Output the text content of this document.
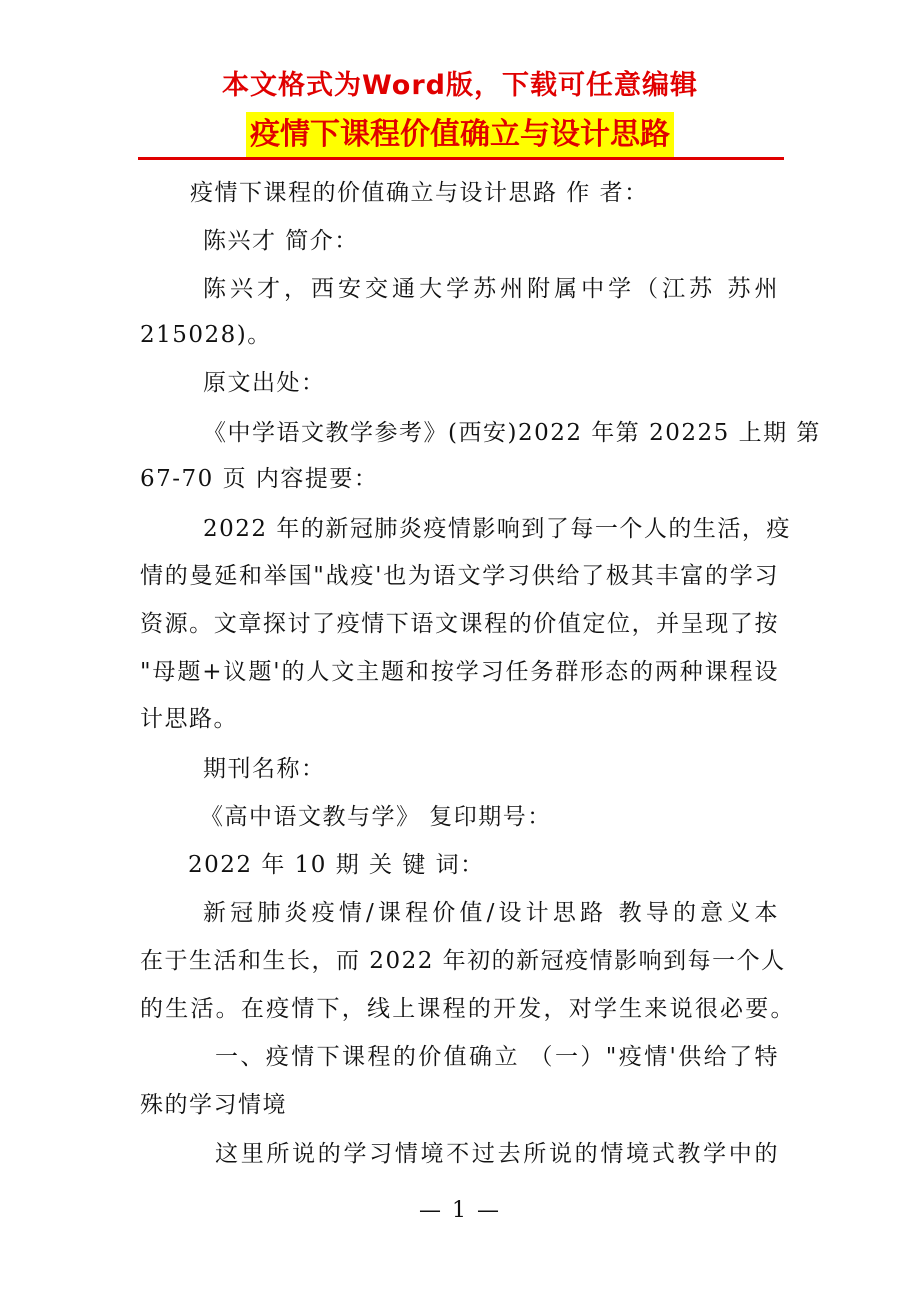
本文格式为Word版，下载可任意编辑
疫情下课程价值确立与设计思路
疫情下课程的价值确立与设计思路 作 者：
陈兴才 简介：
陈兴才，西安交通大学苏州附属中学（江苏 苏州
215028)。
原文出处：
《中学语文教学参考》(西安)2022 年第 20225 上期 第
67-70 页 内容提要：
2022 年的新冠肺炎疫情影响到了每一个人的生活，疫
情的曼延和举国"战疫'也为语文学习供给了极其丰富的学习
资源。文章探讨了疫情下语文课程的价值定位，并呈现了按
"母题+议题'的人文主题和按学习任务群形态的两种课程设
计思路。
期刊名称：
《高中语文教与学》 复印期号：
2022 年 10 期 关 键 词：
新冠肺炎疫情/课程价值/设计思路 教导的意义本
在于生活和生长，而 2022 年初的新冠疫情影响到每一个人
的生活。在疫情下，线上课程的开发，对学生来说很必要。
一、疫情下课程的价值确立 （一）"疫情'供给了特
殊的学习情境
这里所说的学习情境不过去所说的情境式教学中的
— 1 —
